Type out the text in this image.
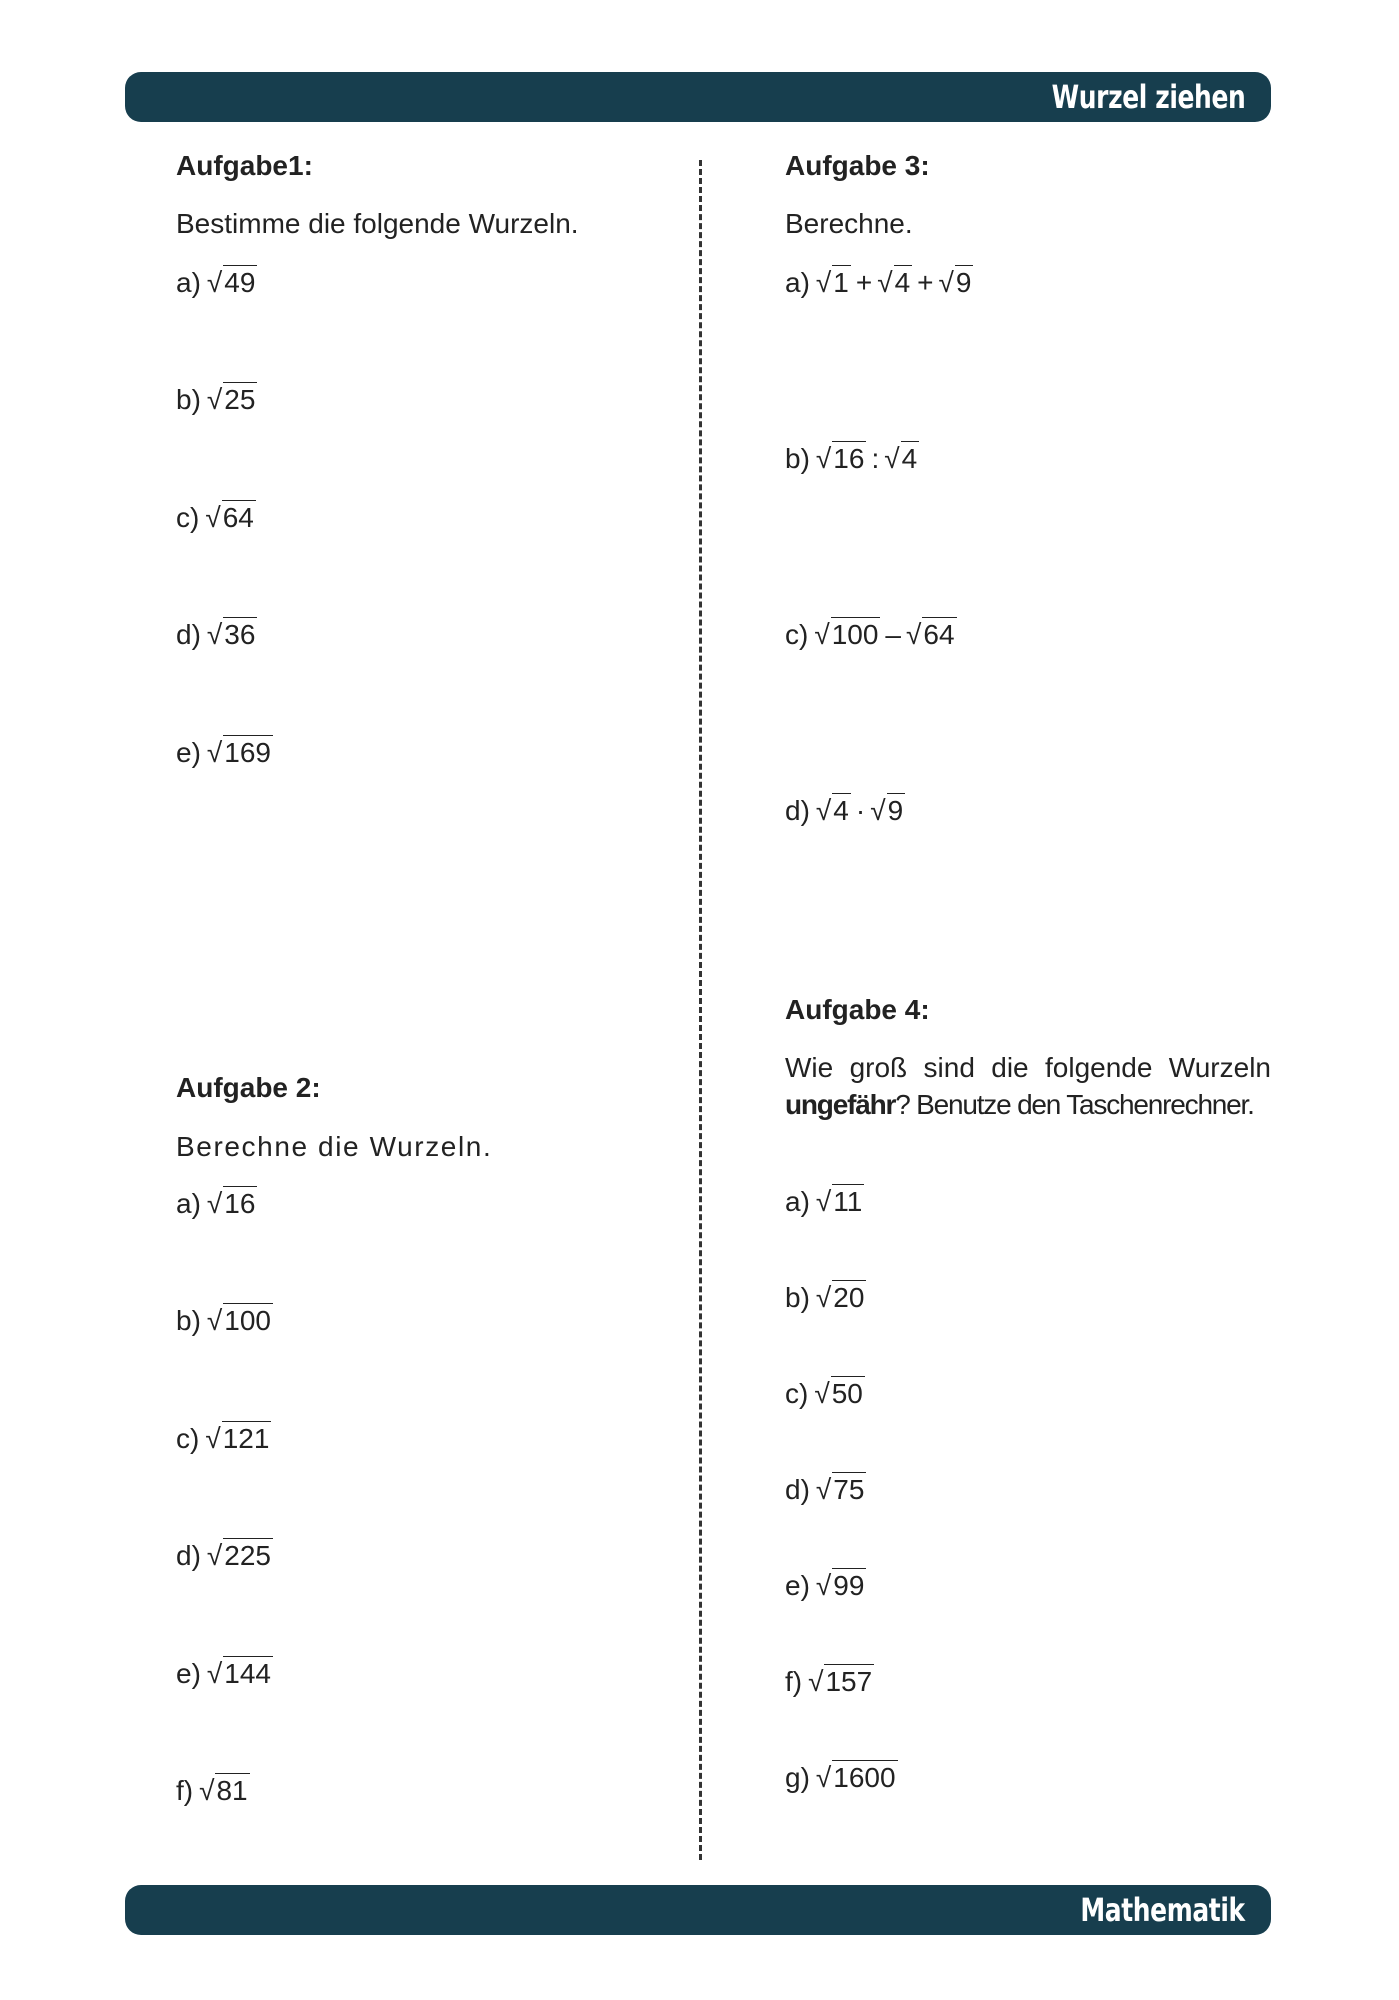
Wurzel ziehen
Aufgabe1:

Bestimme die folgende Wurzeln.

a) √49
b) √25
c) √64
d) √36
e) √169
Aufgabe 2:

Berechne die Wurzeln.

a) √16
b) √100
c) √121
d) √225
e) √144
f) √81
Aufgabe 3:

Berechne.

a) √1 + √4 + √9
b) √16 : √4
c) √100 – √64
d) √4 · √9
Aufgabe 4:

Wie groß sind die folgende Wurzeln

ungefähr? Benutze den Taschenrechner.

a) √11
b) √20
c) √50
d) √75
e) √99
f) √157
g) √1600
Mathematik
